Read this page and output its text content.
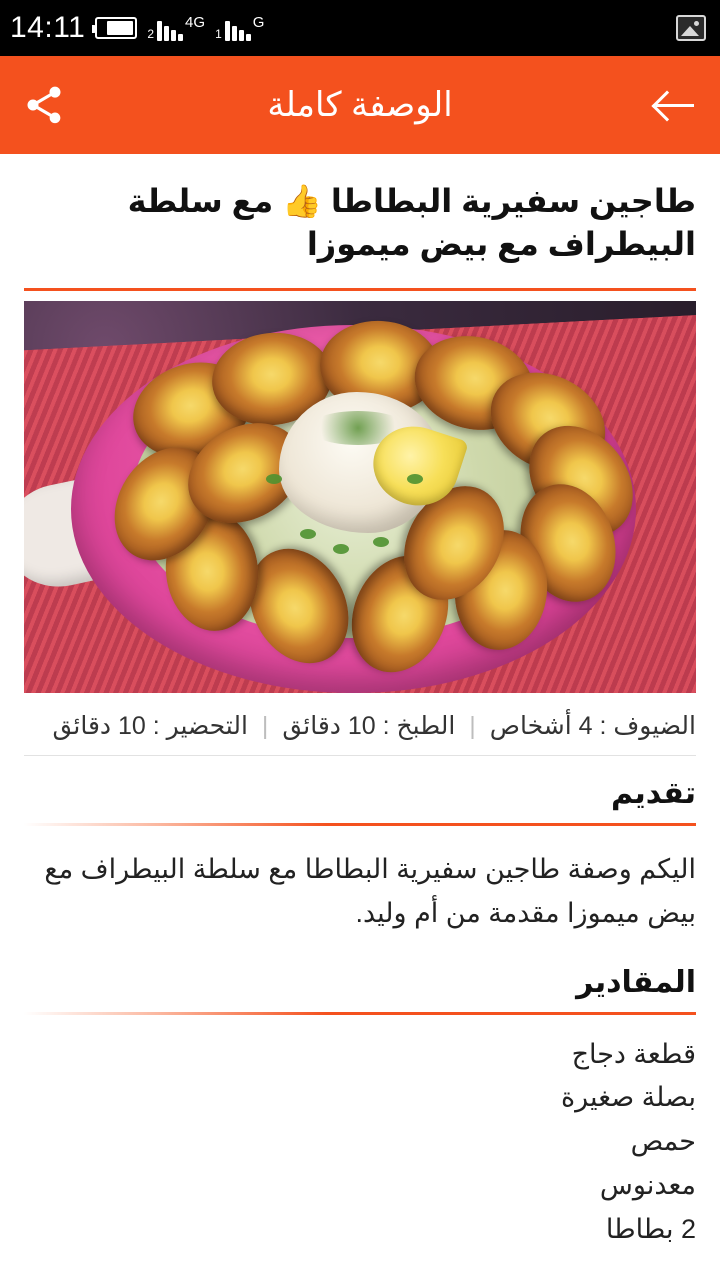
G
1
4G
2
14:11
الوصفة كاملة
طاجين سفيرية البطاطا 👍 مع سلطة
البيطراف مع بيض ميموزا
الضيوف : 4 أشخاص
|
الطبخ : 10 دقائق
|
التحضير : 10 دقائق
تقديم
اليكم وصفة طاجين سفيرية البطاطا مع سلطة البيطراف مع بيض ميموزا مقدمة من أم وليد.
المقادير
قطعة دجاج
بصلة صغيرة
حمص
معدنوس
2 بطاطا
